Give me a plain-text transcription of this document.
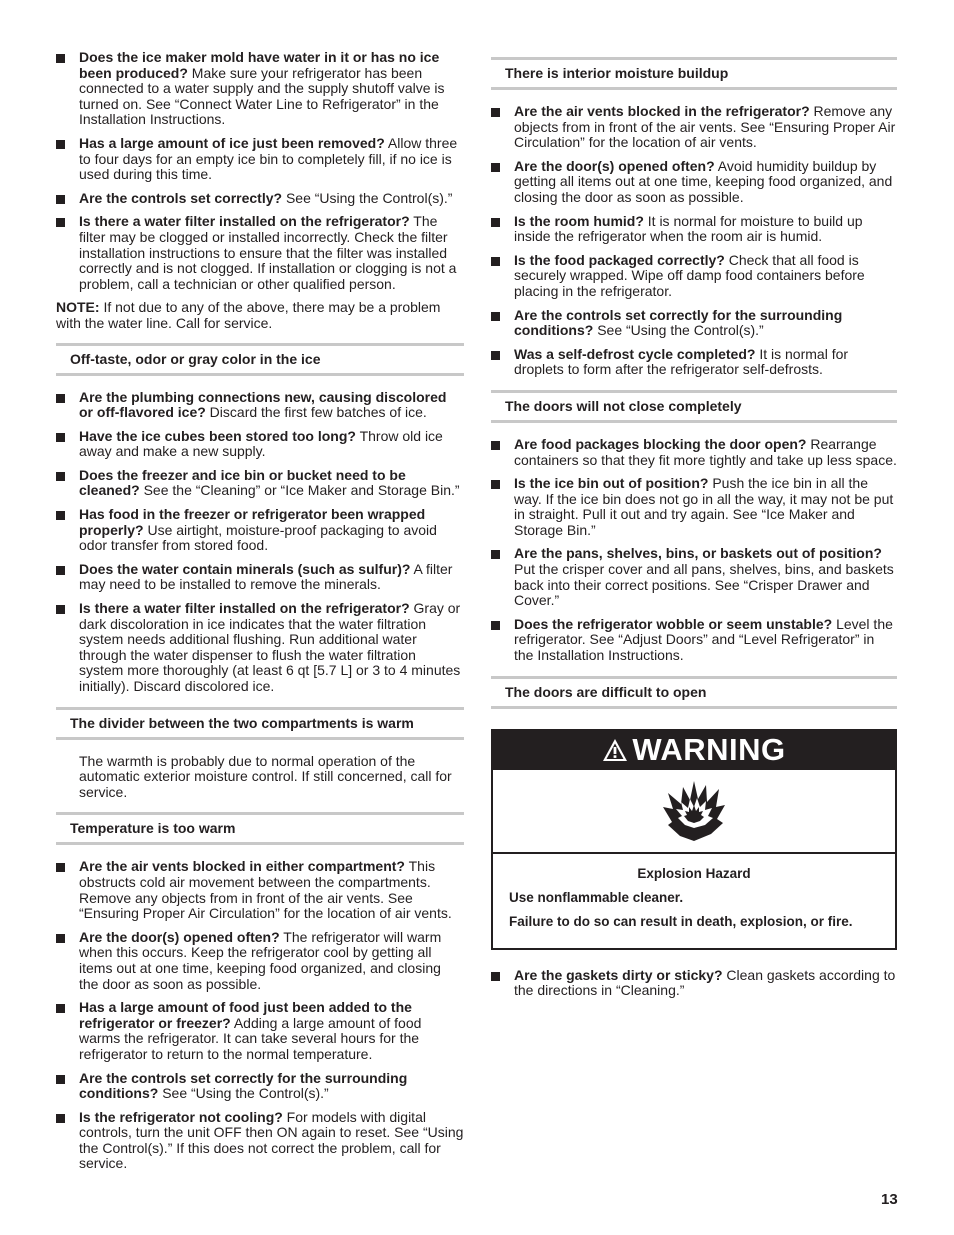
Does the ice maker mold have water in it or has no ice been produced? Make sure your refrigerator has been connected to a water supply and the supply shutoff valve is turned on. See “Connect Water Line to Refrigerator” in the Installation Instructions.
Has a large amount of ice just been removed? Allow three to four days for an empty ice bin to completely fill, if no ice is used during this time.
Are the controls set correctly? See “Using the Control(s).”
Is there a water filter installed on the refrigerator? The filter may be clogged or installed incorrectly. Check the filter installation instructions to ensure that the filter was installed correctly and is not clogged. If installation or clogging is not a problem, call a technician or other qualified person.

NOTE: If not due to any of the above, there may be a problem with the water line. Call for service.

Off-taste, odor or gray color in the ice
Are the plumbing connections new, causing discolored or off-flavored ice? Discard the first few batches of ice.
Have the ice cubes been stored too long? Throw old ice away and make a new supply.
Does the freezer and ice bin or bucket need to be cleaned? See the “Cleaning” or “Ice Maker and Storage Bin.”
Has food in the freezer or refrigerator been wrapped properly? Use airtight, moisture-proof packaging to avoid odor transfer from stored food.
Does the water contain minerals (such as sulfur)? A filter may need to be installed to remove the minerals.
Is there a water filter installed on the refrigerator? Gray or dark discoloration in ice indicates that the water filtration system needs additional flushing. Run additional water through the water dispenser to flush the water filtration system more thoroughly (at least 6 qt [5.7 L] or 3 to 4 minutes initially). Discard discolored ice.
The divider between the two compartments is warm
The warmth is probably due to normal operation of the automatic exterior moisture control. If still concerned, call for service.
Temperature is too warm
Are the air vents blocked in either compartment? This obstructs cold air movement between the compartments. Remove any objects from in front of the air vents. See “Ensuring Proper Air Circulation” for the location of air vents.
Are the door(s) opened often? The refrigerator will warm when this occurs. Keep the refrigerator cool by getting all items out at one time, keeping food organized, and closing the door as soon as possible.
Has a large amount of food just been added to the refrigerator or freezer? Adding a large amount of food warms the refrigerator. It can take several hours for the refrigerator to return to the normal temperature.
Are the controls set correctly for the surrounding conditions? See “Using the Control(s).”
Is the refrigerator not cooling? For models with digital controls, turn the unit OFF then ON again to reset. See “Using the Control(s).” If this does not correct the problem, call for service.
There is interior moisture buildup
Are the air vents blocked in the refrigerator? Remove any objects from in front of the air vents. See “Ensuring Proper Air Circulation” for the location of air vents.
Are the door(s) opened often? Avoid humidity buildup by getting all items out at one time, keeping food organized, and closing the door as soon as possible.
Is the room humid? It is normal for moisture to build up inside the refrigerator when the room air is humid.
Is the food packaged correctly? Check that all food is securely wrapped. Wipe off damp food containers before placing in the refrigerator.
Are the controls set correctly for the surrounding conditions? See “Using the Control(s).”
Was a self-defrost cycle completed? It is normal for droplets to form after the refrigerator self-defrosts.
The doors will not close completely
Are food packages blocking the door open? Rearrange containers so that they fit more tightly and take up less space.
Is the ice bin out of position? Push the ice bin in all the way. If the ice bin does not go in all the way, it may not be put in straight. Pull it out and try again. See “Ice Maker and Storage Bin.”
Are the pans, shelves, bins, or baskets out of position? Put the crisper cover and all pans, shelves, bins, and baskets back into their correct positions. See “Crisper Drawer and Cover.”
Does the refrigerator wobble or seem unstable? Level the refrigerator. See “Adjust Doors” and “Level Refrigerator” in the Installation Instructions.
The doors are difficult to open
WARNING
Explosion Hazard
Use nonflammable cleaner.
Failure to do so can result in death, explosion, or fire.
Are the gaskets dirty or sticky? Clean gaskets according to the directions in “Cleaning.”
13
